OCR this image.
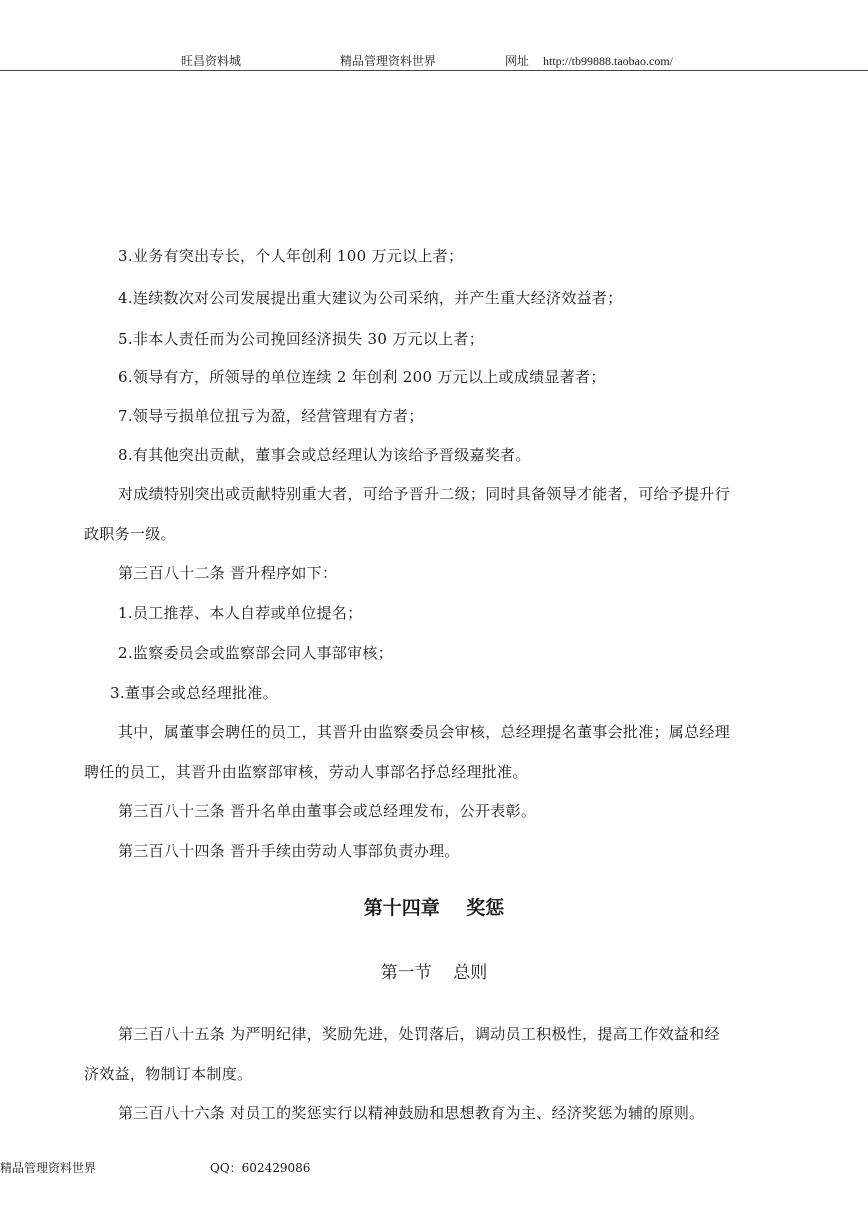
旺昌资料城	精品管理资料世界	网址 http://tb99888.taobao.com/
3.业务有突出专长，个人年创利 100 万元以上者；
4.连续数次对公司发展提出重大建议为公司采纳，并产生重大经济效益者；
5.非本人责任而为公司挽回经济损失 30 万元以上者；
6.领导有方，所领导的单位连续 2 年创利 200 万元以上或成绩显著者；
7.领导亏损单位扭亏为盈，经营管理有方者；
8.有其他突出贡献，董事会或总经理认为该给予晋级嘉奖者。
对成绩特别突出或贡献特别重大者，可给予晋升二级；同时具备领导才能者，可给予提升行
政职务一级。
第三百八十二条 晋升程序如下：
1.员工推荐、本人自荐或单位提名；
2.监察委员会或监察部会同人事部审核；
3.董事会或总经理批准。
其中，属董事会聘任的员工，其晋升由监察委员会审核，总经理提名董事会批准；属总经理
聘任的员工，其晋升由监察部审核，劳动人事部名抒总经理批准。
第三百八十三条 晋升名单由董事会或总经理发布，公开表彰。
第三百八十四条 晋升手续由劳动人事部负责办理。
第十四章    奖惩
第一节    总则
第三百八十五条 为严明纪律，奖励先进，处罚落后，调动员工积极性，提高工作效益和经
济效益，物制订本制度。
第三百八十六条 对员工的奖惩实行以精神鼓励和思想教育为主、经济奖惩为辅的原则。
精品管理资料世界	QQ：602429086
